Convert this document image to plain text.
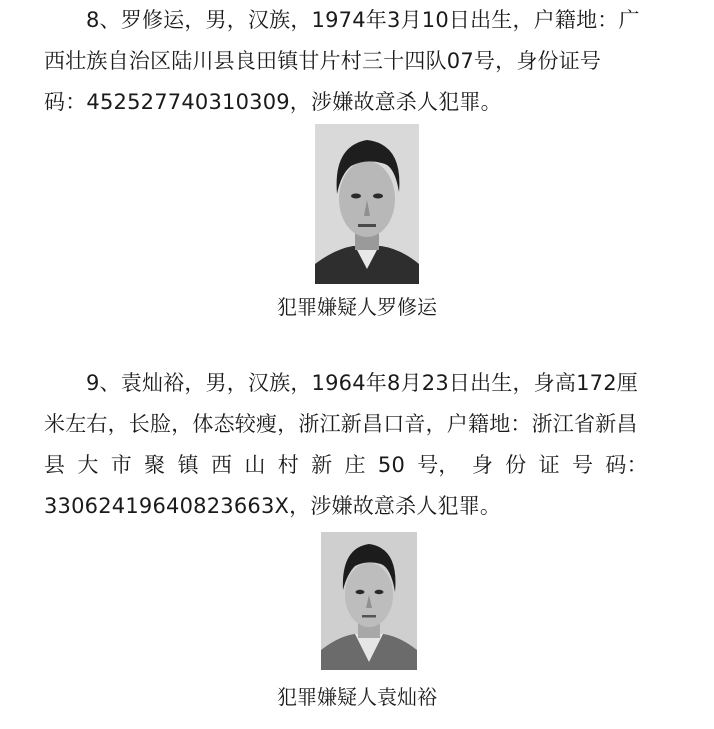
8、罗修运，男，汉族，1974年3月10日出生，户籍地：广
西壮族自治区陆川县良田镇甘片村三十四队07号，身份证号
码：452527740310309，涉嫌故意杀人犯罪。
犯罪嫌疑人罗修运
9、袁灿裕，男，汉族，1964年8月23日出生，身高172厘
米左右，长脸，体态较瘦，浙江新昌口音，户籍地：浙江省新昌
县 大 市 聚 镇 西 山 村 新 庄 50 号， 身 份 证 号 码：
33062419640823663X，涉嫌故意杀人犯罪。
犯罪嫌疑人袁灿裕
